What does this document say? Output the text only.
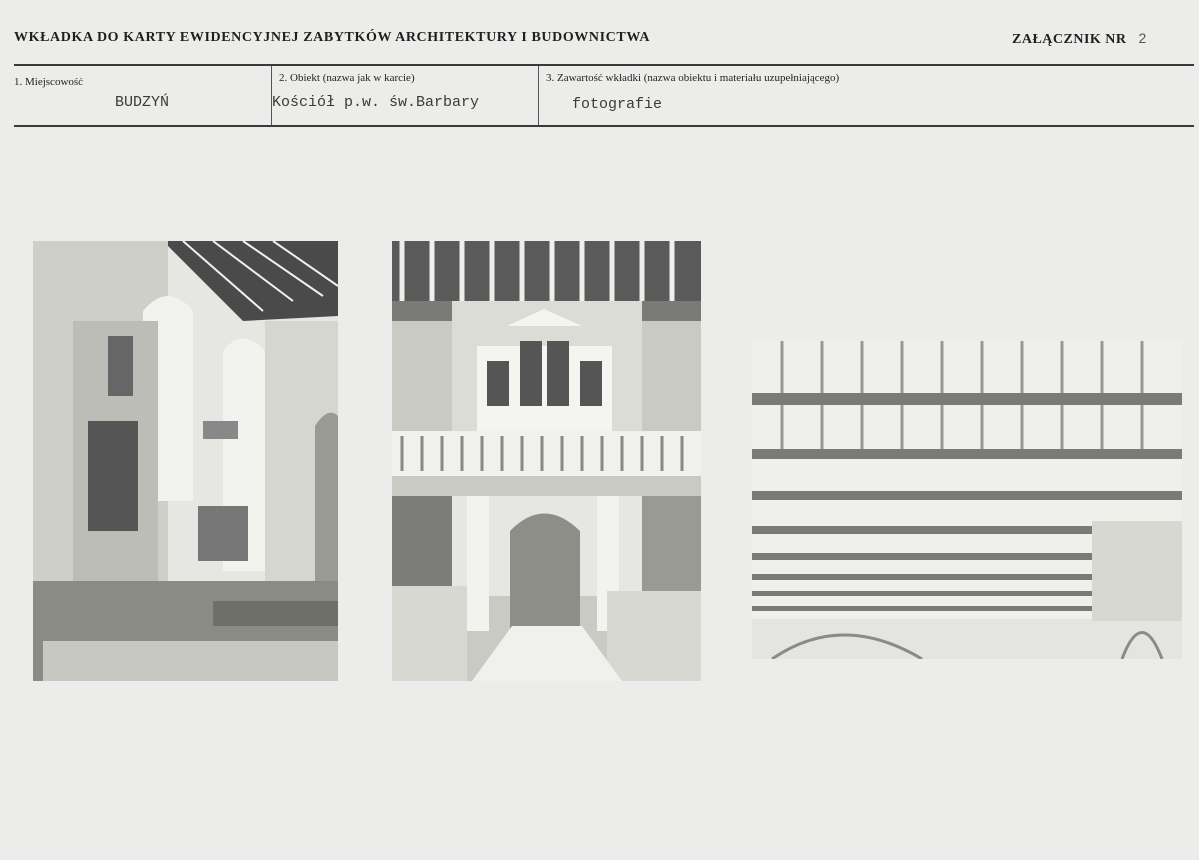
WKŁADKA DO KARTY EWIDENCYJNEJ ZABYTKÓW ARCHITEKTURY I BUDOWNICTWA	ZAŁĄCZNIK NR 2
1. Miejscowość
BUDZYŃ
2. Obiekt (nazwa jak w karcie)
Kościół p.w. św.Barbary
3. Zawartość wkładki (nazwa obiektu i materiału uzupełniającego)
fotografie
